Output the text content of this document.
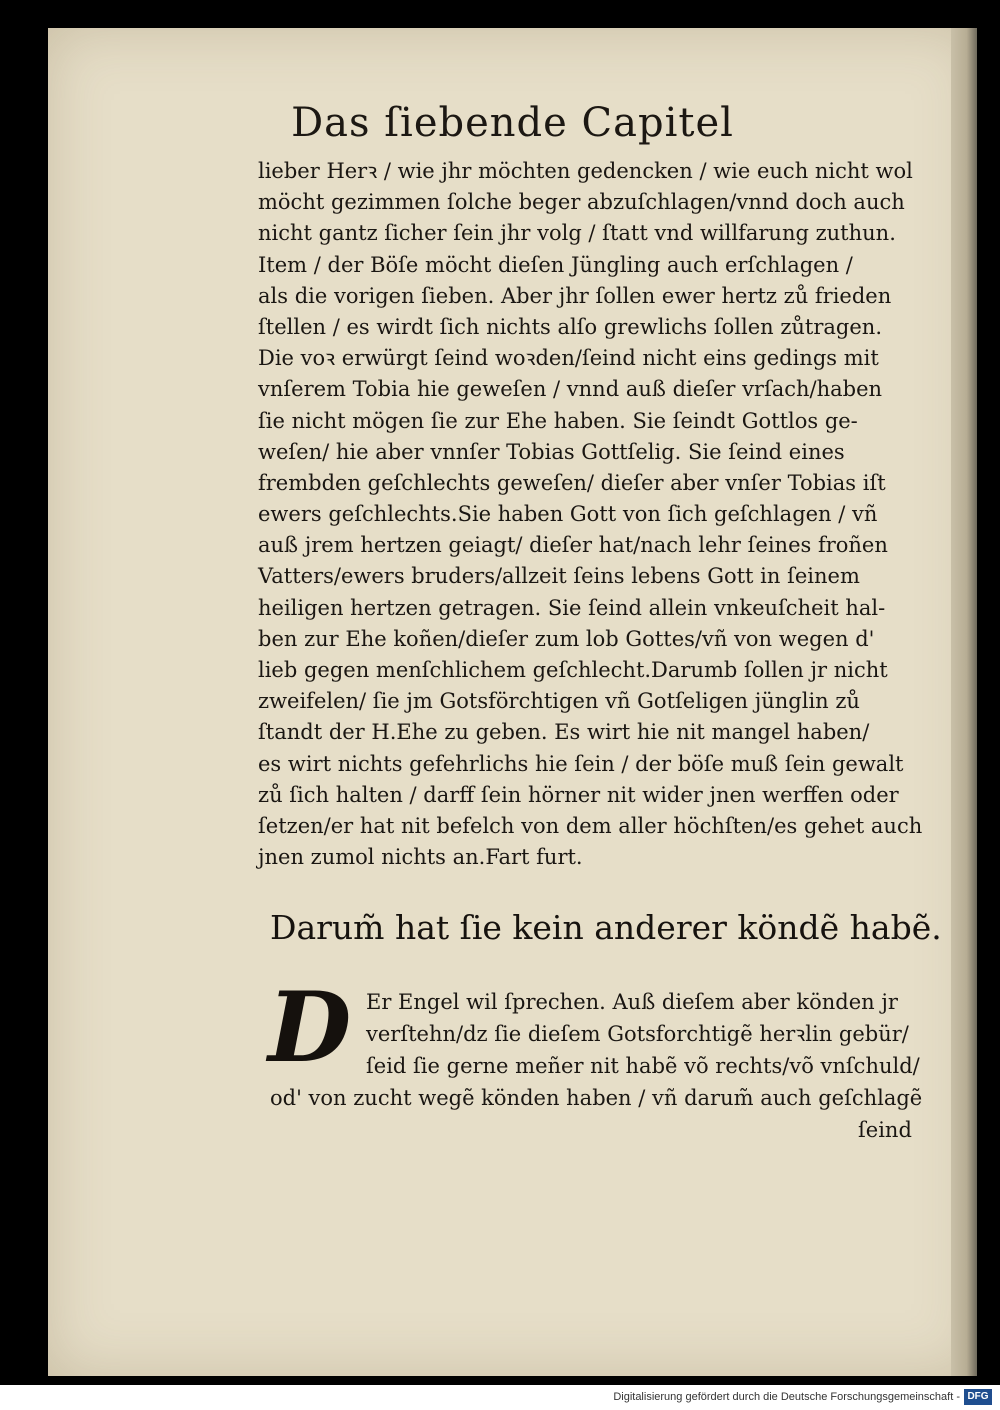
Das ſiebende Capitel
lieber Herꝛ / wie jhr möchten gedencken / wie euch nicht wol
möcht gezimmen ſolche beger abzuſchlagen/vnnd doch auch
nicht gantz ſicher ſein jhr volg / ſtatt vnd willfarung zuthun.
Item / der Böſe möcht dieſen Jüngling auch erſchlagen /
als die vorigen ſieben. Aber jhr ſollen ewer hertz zů frieden
ſtellen / es wirdt ſich nichts alſo grewlichs ſollen zůtragen.
Die voꝛ erwürgt ſeind woꝛden/ſeind nicht eins gedings mit
vnſerem Tobia hie geweſen / vnnd auß dieſer vrſach/haben
ſie nicht mögen ſie zur Ehe haben. Sie ſeindt Gottlos ge-
weſen/ hie aber vnnſer Tobias Gottſelig. Sie ſeind eines
frembden geſchlechts geweſen/ dieſer aber vnſer Tobias iſt
ewers geſchlechts.Sie haben Gott von ſich geſchlagen / vñ
auß jrem hertzen geiagt/ dieſer hat/nach lehr ſeines froñen
Vatters/ewers bruders/allzeit ſeins lebens Gott in ſeinem
heiligen hertzen getragen. Sie ſeind allein vnkeuſcheit hal-
ben zur Ehe koñen/dieſer zum lob Gottes/vñ von wegen d'
lieb gegen menſchlichem geſchlecht.Darumb ſollen jr nicht
zweifelen/ ſie jm Gotsförchtigen vñ Gotſeligen jünglin zů
ſtandt der H.Ehe zu geben. Es wirt hie nit mangel haben/
es wirt nichts gefehrlichs hie ſein / der böſe muß ſein gewalt
zů ſich halten / darff ſein hörner nit wider jnen werffen oder
ſetzen/er hat nit befelch von dem aller höchſten/es gehet auch
jnen zumol nichts an.Fart furt.
Darum̃ hat ſie kein anderer köndẽ habẽ.
D Er Engel wil ſprechen. Auß dieſem aber könden jr
verſtehn/dz ſie dieſem Gotsforchtigẽ herꝛlin gebür/
ſeid ſie gerne meñer nit habẽ võ rechts/võ vnſchuld/
od' von zucht wegẽ könden haben / vñ darum̃ auch geſchlagẽ
ſeind
Digitalisierung gefördert durch die Deutsche Forschungsgemeinschaft - DFG
